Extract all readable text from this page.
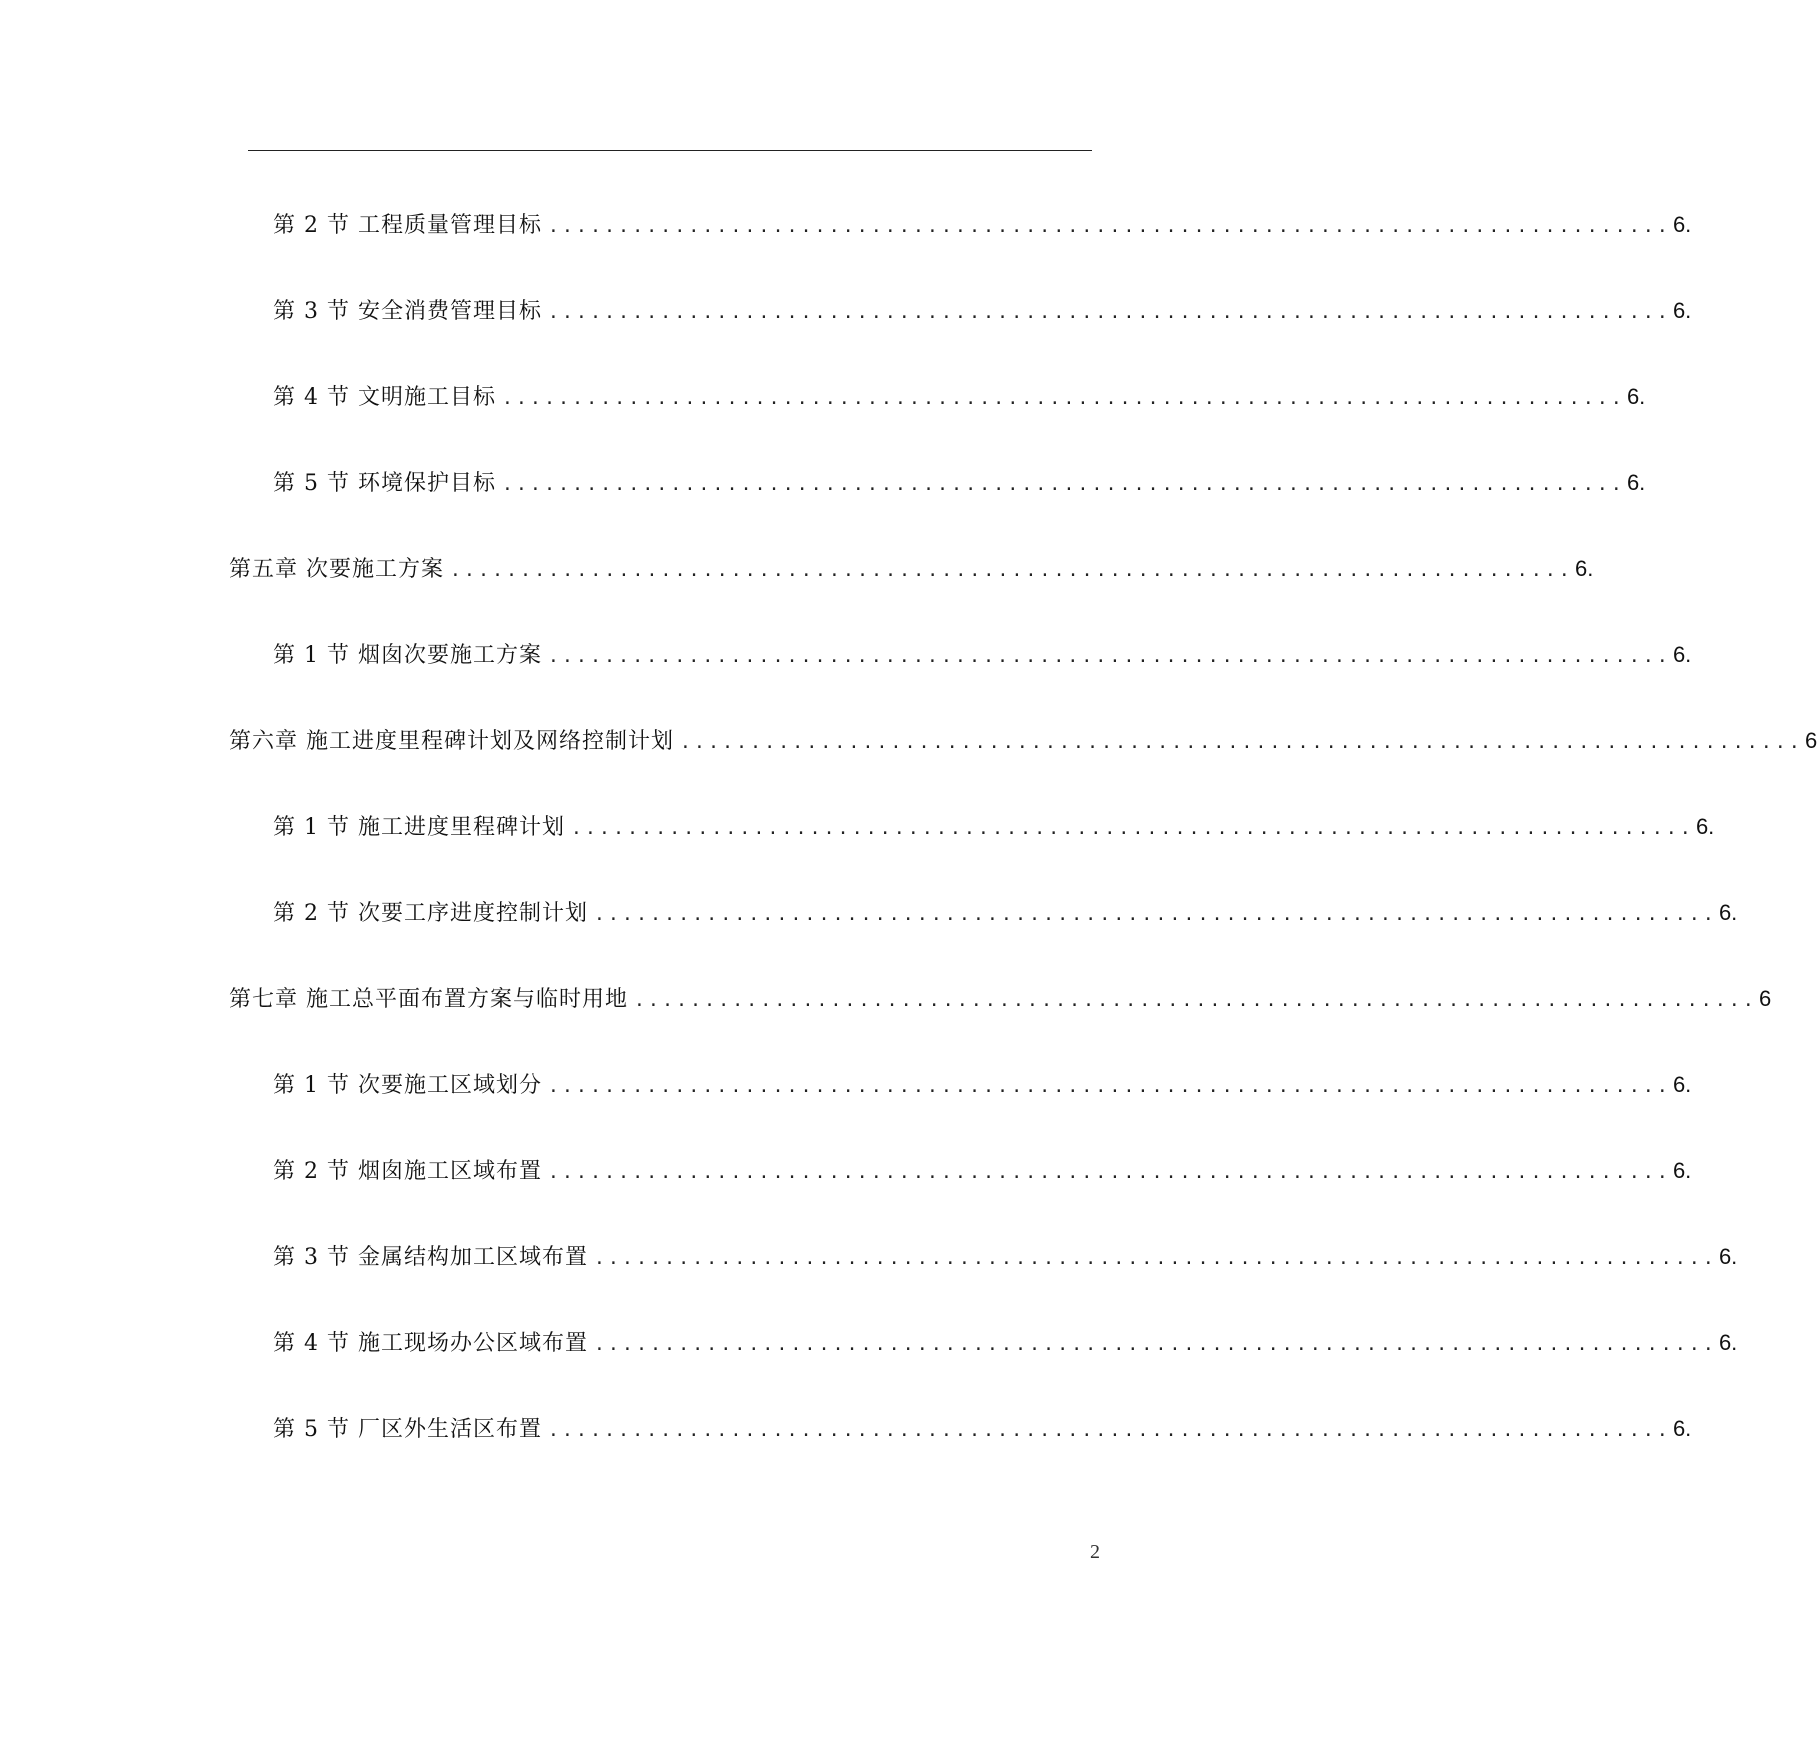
第 2 节 工程质量管理目标 ................................................................................ 6.
第 3 节 安全消费管理目标 ................................................................................ 6.
第 4 节 文明施工目标 ................................................................................ 6.
第 5 节 环境保护目标 ................................................................................ 6.
第五章 次要施工方案 ................................................................................ 6.
第 1 节 烟囱次要施工方案 ................................................................................ 6.
第六章 施工进度里程碑计划及网络控制计划 ................................................................................ 6
第 1 节 施工进度里程碑计划 ................................................................................ 6.
第 2 节 次要工序进度控制计划 ................................................................................ 6.
第七章 施工总平面布置方案与临时用地 ................................................................................ 6
第 1 节 次要施工区域划分 ................................................................................ 6.
第 2 节 烟囱施工区域布置 ................................................................................ 6.
第 3 节 金属结构加工区域布置 ................................................................................ 6.
第 4 节 施工现场办公区域布置 ................................................................................ 6.
第 5 节 厂区外生活区布置 ................................................................................ 6.
2
